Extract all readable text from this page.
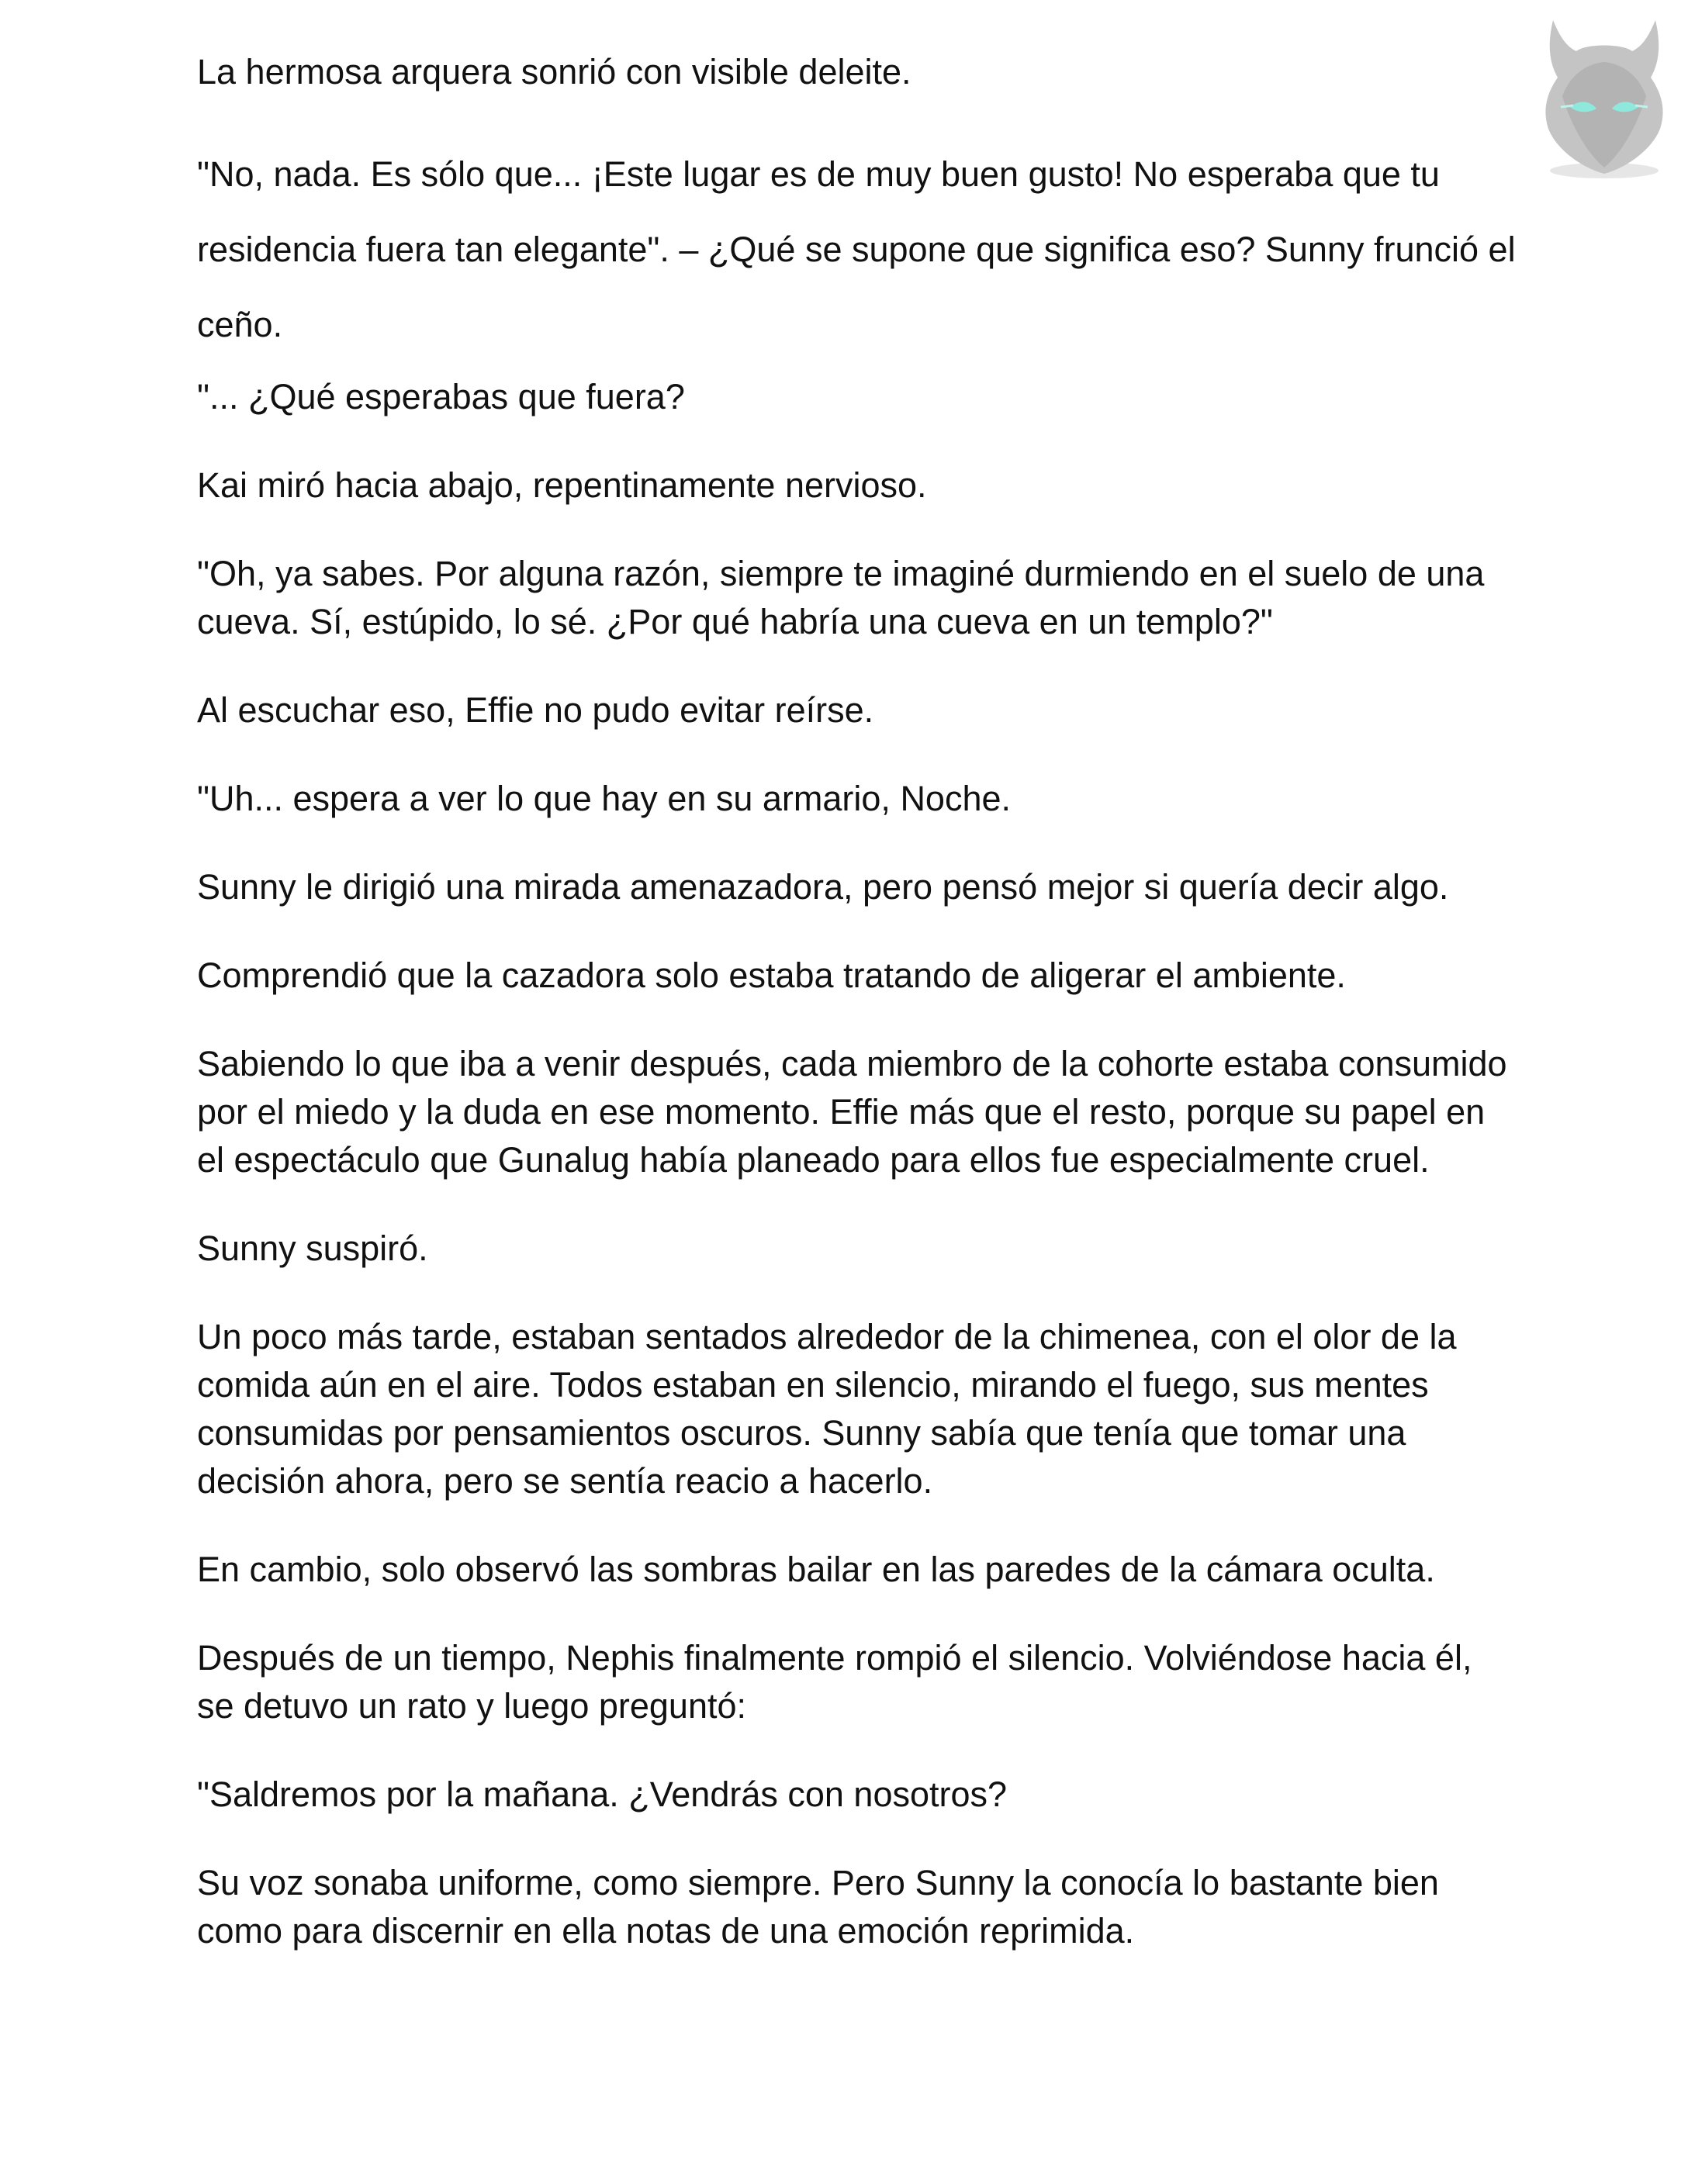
La hermosa arquera sonrió con visible deleite.

"No, nada. Es sólo que... ¡Este lugar es de muy buen gusto! No esperaba que tu residencia fuera tan elegante". – ¿Qué se supone que significa eso? Sunny frunció el ceño.

"... ¿Qué esperabas que fuera?

Kai miró hacia abajo, repentinamente nervioso.

"Oh, ya sabes. Por alguna razón, siempre te imaginé durmiendo en el suelo de una cueva. Sí, estúpido, lo sé. ¿Por qué habría una cueva en un templo?"

Al escuchar eso, Effie no pudo evitar reírse.

"Uh... espera a ver lo que hay en su armario, Noche.

Sunny le dirigió una mirada amenazadora, pero pensó mejor si quería decir algo.

Comprendió que la cazadora solo estaba tratando de aligerar el ambiente.

Sabiendo lo que iba a venir después, cada miembro de la cohorte estaba consumido por el miedo y la duda en ese momento. Effie más que el resto, porque su papel en el espectáculo que Gunalug había planeado para ellos fue especialmente cruel.

Sunny suspiró.

Un poco más tarde, estaban sentados alrededor de la chimenea, con el olor de la comida aún en el aire. Todos estaban en silencio, mirando el fuego, sus mentes consumidas por pensamientos oscuros. Sunny sabía que tenía que tomar una decisión ahora, pero se sentía reacio a hacerlo.

En cambio, solo observó las sombras bailar en las paredes de la cámara oculta.

Después de un tiempo, Nephis finalmente rompió el silencio. Volviéndose hacia él, se detuvo un rato y luego preguntó:

"Saldremos por la mañana. ¿Vendrás con nosotros?

Su voz sonaba uniforme, como siempre. Pero Sunny la conocía lo bastante bien como para discernir en ella notas de una emoción reprimida.
